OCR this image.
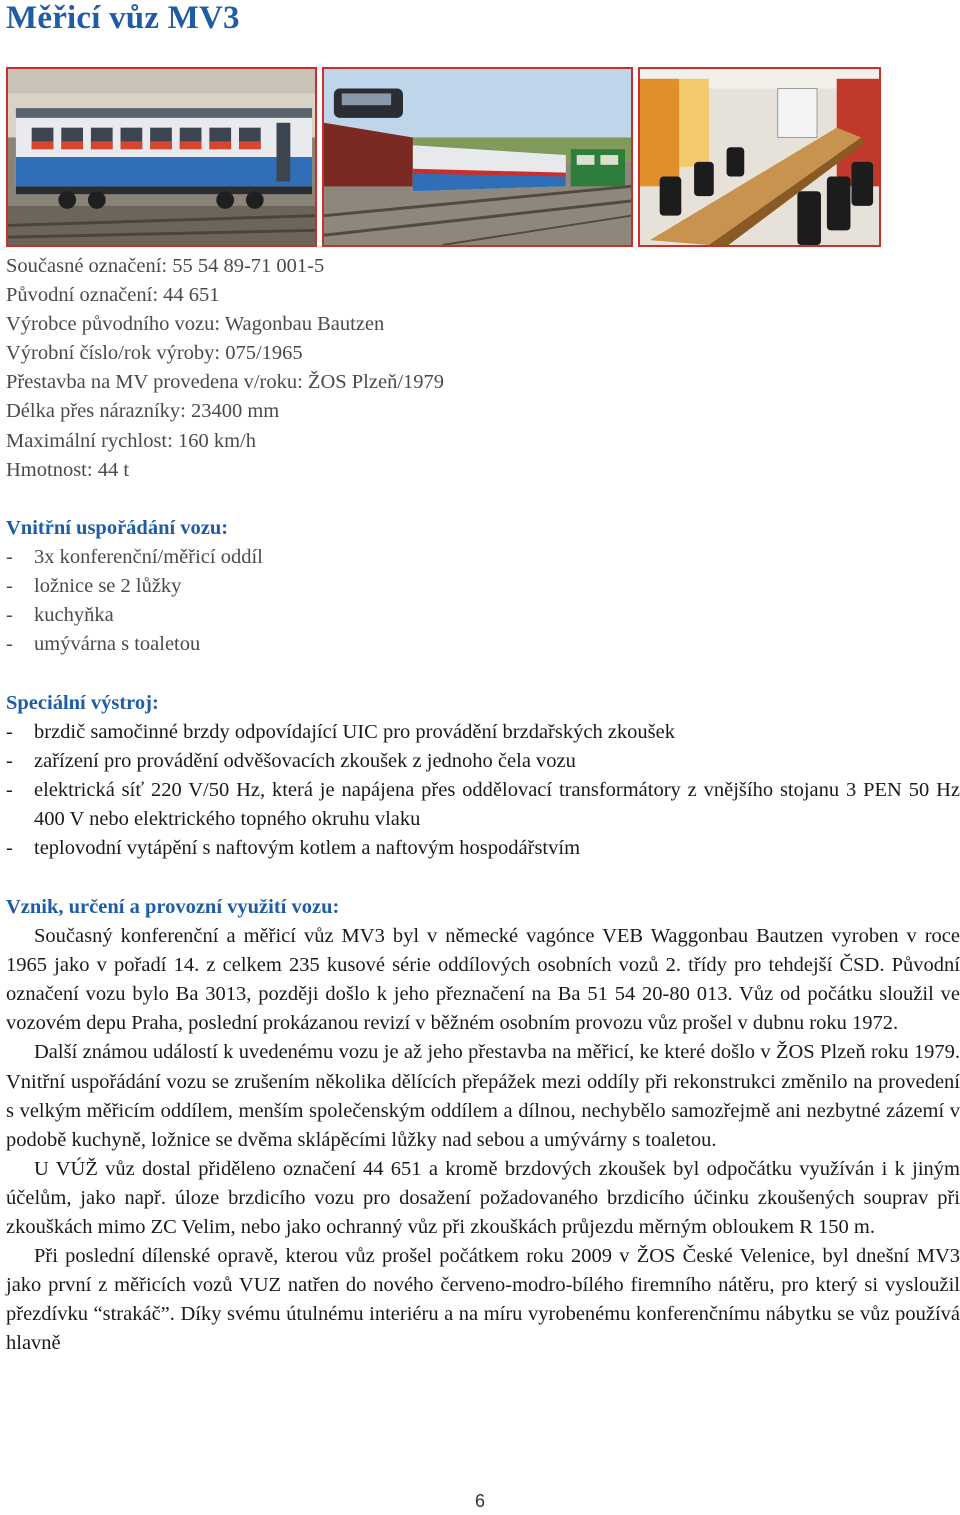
Měřicí vůz MV3
Současné označení: 55 54 89-71 001-5
Původní označení: 44 651
Výrobce původního vozu: Wagonbau Bautzen
Výrobní číslo/rok výroby: 075/1965
Přestavba na MV provedena v/roku: ŽOS Plzeň/1979
Délka přes nárazníky: 23400 mm
Maximální rychlost: 160 km/h
Hmotnost: 44 t
Vnitřní uspořádání vozu:
-	3x konferenční/měřicí oddíl
-	ložnice se 2 lůžky
-	kuchyňka
-	umývárna s toaletou
Speciální výstroj:
-	brzdič samočinné brzdy odpovídající UIC pro provádění brzdařských zkoušek
-	zařízení pro provádění odvěšovacích zkoušek z jednoho čela vozu
-	elektrická síť 220 V/50 Hz, která je napájena přes oddělovací transformátory z vnějšího stojanu 3 PEN 50 Hz 400 V nebo elektrického topného okruhu vlaku
-	teplovodní vytápění s naftovým kotlem a naftovým hospodářstvím
Vznik, určení a provozní využití vozu:

Současný konferenční a měřicí vůz MV3 byl v německé vagónce VEB Waggonbau Bautzen vyroben v roce 1965 jako v pořadí 14. z celkem 235 kusové série oddílových osobních vozů 2. třídy pro tehdejší ČSD. Původní označení vozu bylo Ba 3013, později došlo k jeho přeznačení na Ba 51 54 20-80 013. Vůz od počátku sloužil ve vozovém depu Praha, poslední prokázanou revizí v běžném osobním provozu vůz prošel v dubnu roku 1972.

Další známou událostí k uvedenému vozu je až jeho přestavba na měřicí, ke které došlo v ŽOS Plzeň roku 1979. Vnitřní uspořádání vozu se zrušením několika dělících přepážek mezi oddíly při rekonstrukci změnilo na provedení s velkým měřicím oddílem, menším společenským oddílem a dílnou, nechybělo samozřejmě ani nezbytné zázemí v podobě kuchyně, ložnice se dvěma sklápěcími lůžky nad sebou a umývárny s toaletou.

U VÚŽ vůz dostal přiděleno označení 44 651 a kromě brzdových zkoušek byl odpočátku využíván i k jiným účelům, jako např. úloze brzdicího vozu pro dosažení požadovaného brzdicího účinku zkoušených souprav při zkouškách mimo ZC Velim, nebo jako ochranný vůz při zkouškách průjezdu měrným obloukem R 150 m.

Při poslední dílenské opravě, kterou vůz prošel počátkem roku 2009 v ŽOS České Velenice, byl dnešní MV3 jako první z měřicích vozů VUZ natřen do nového červeno-modro-bílého firemního nátěru, pro který si vysloužil přezdívku “strakáč”. Díky svému útulnému interiéru a na míru vyrobenému konferenčnímu nábytku se vůz používá hlavně

6
